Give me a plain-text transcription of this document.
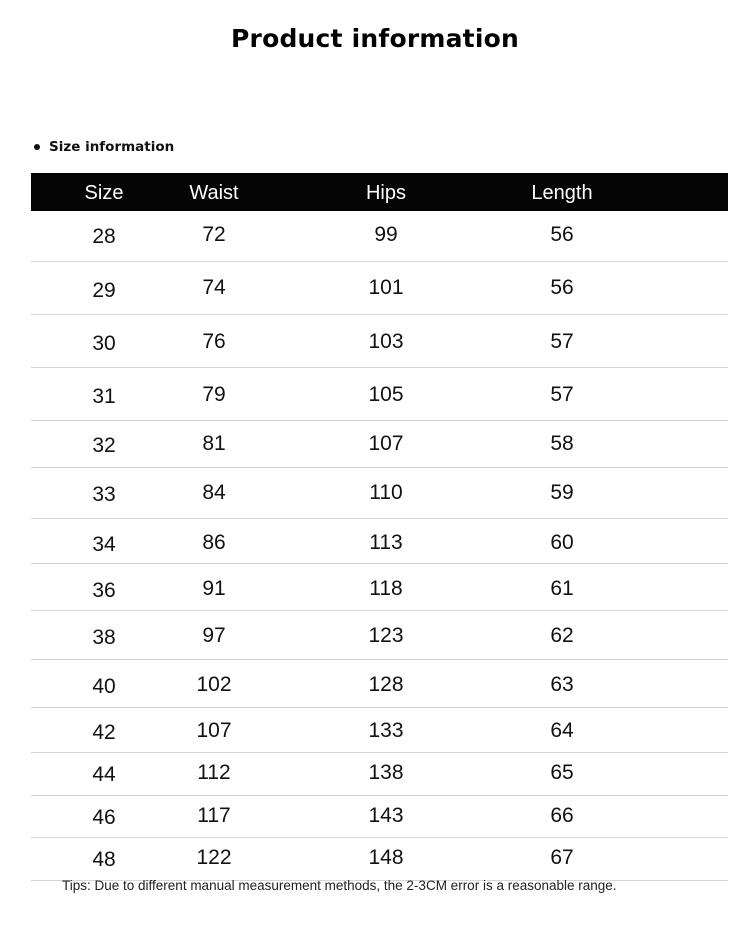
Product information
Size information
Size	Waist	Hips	Length
28	72	99	56
29	74	101	56
30	76	103	57
31	79	105	57
32	81	107	58
33	84	110	59
34	86	113	60
36	91	118	61
38	97	123	62
40	102	128	63
42	107	133	64
44	112	138	65
46	117	143	66
48	122	148	67
Tips: Due to different manual measurement methods, the 2-3CM error is a reasonable range.
